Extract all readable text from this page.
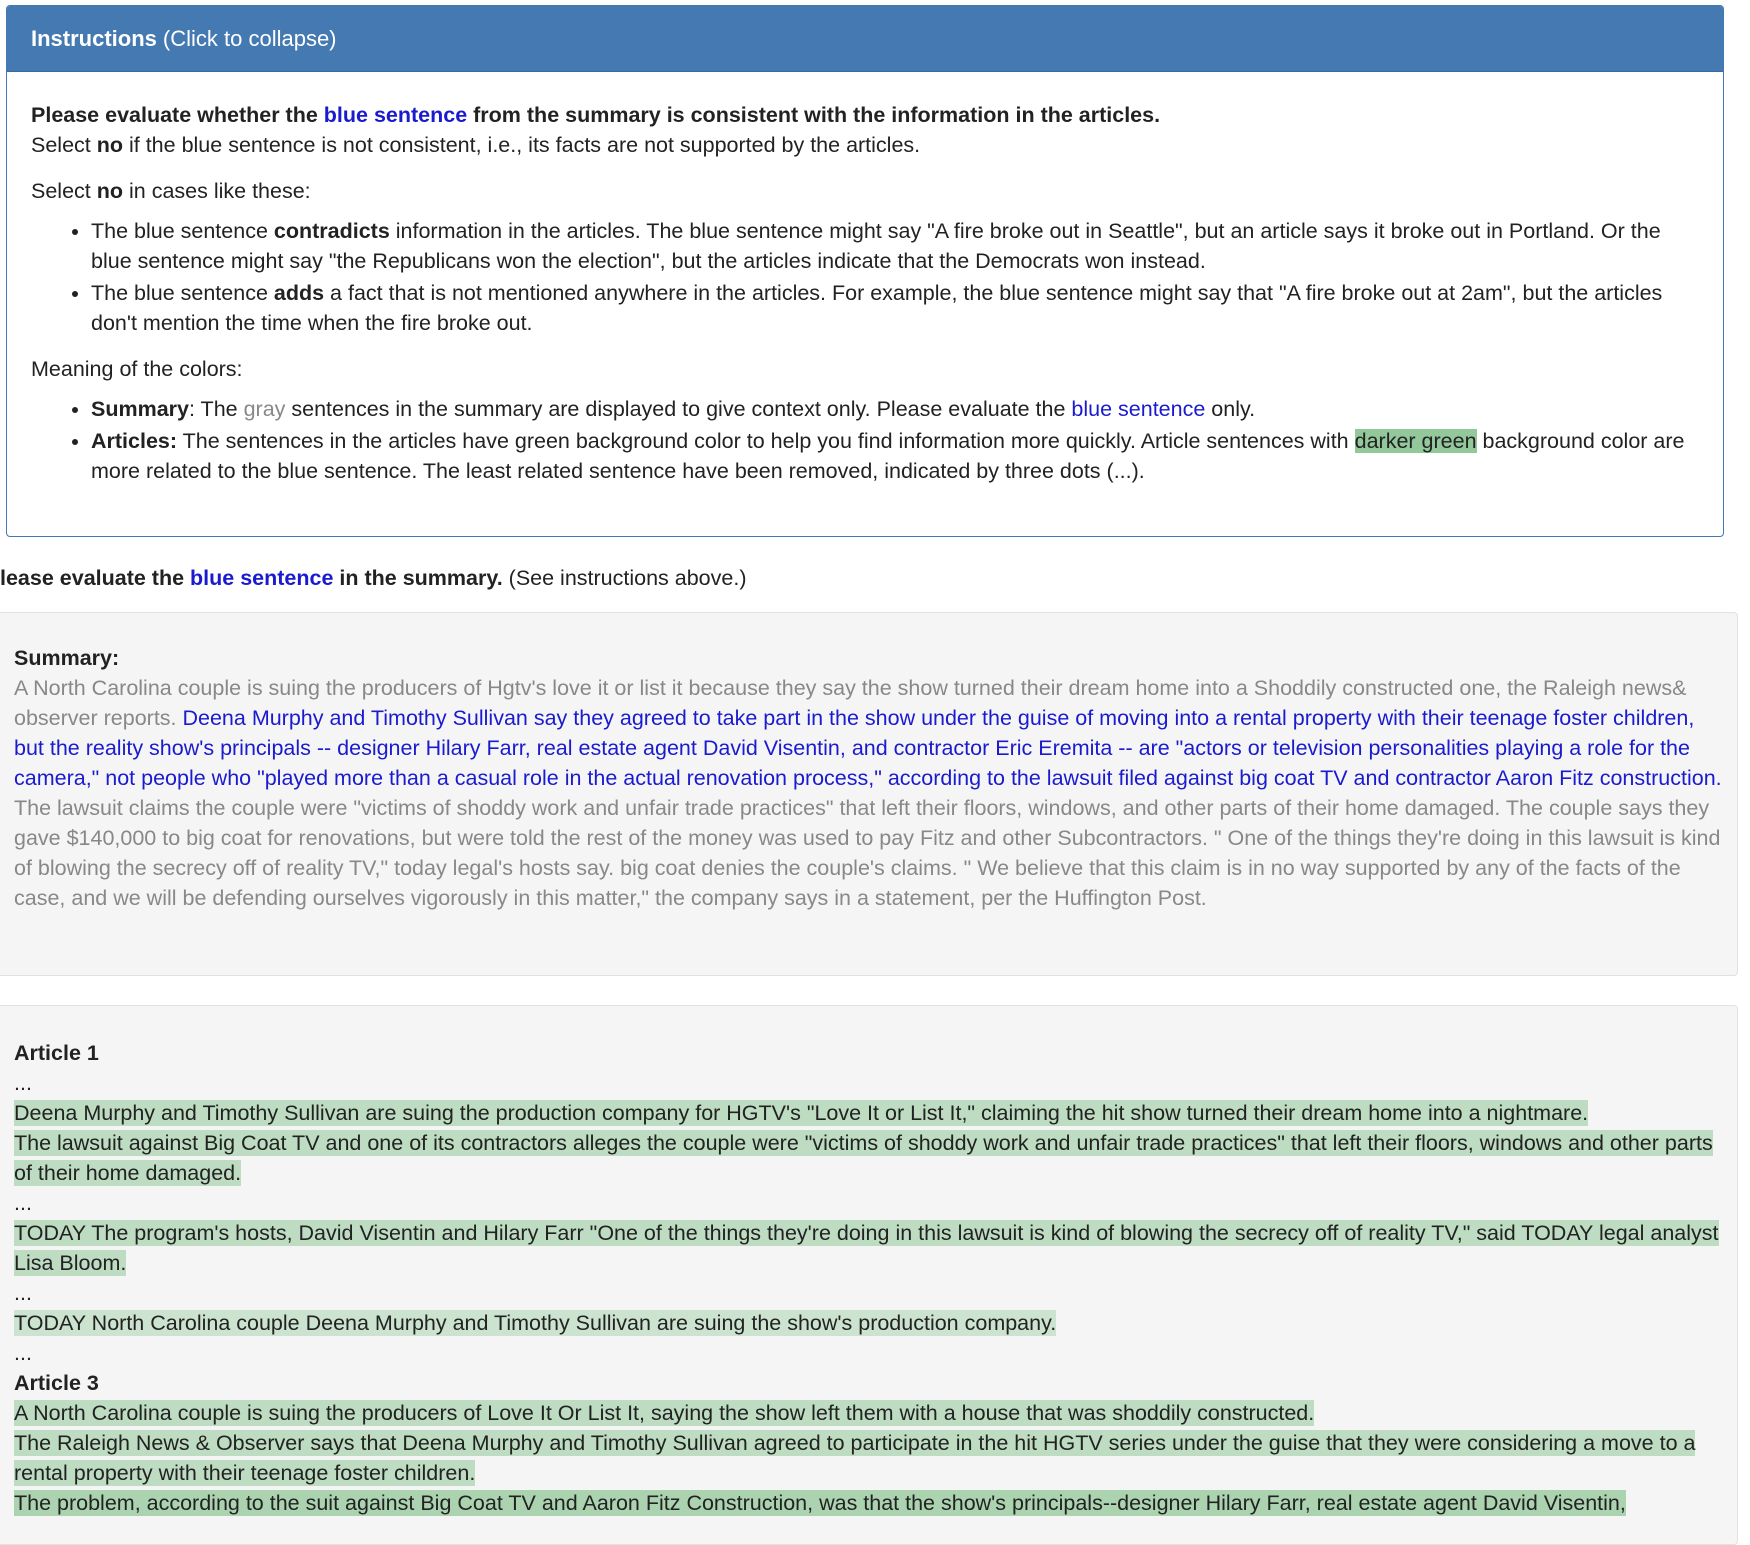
Instructions (Click to collapse)

Please evaluate whether the blue sentence from the summary is consistent with the information in the articles.

Select no if the blue sentence is not consistent, i.e., its facts are not supported by the articles.

Select no in cases like these:

• The blue sentence contradicts information in the articles. The blue sentence might say "A fire broke out in Seattle", but an article says it broke out in Portland. Or the blue sentence might say "the Republicans won the election", but the articles indicate that the Democrats won instead.
• The blue sentence adds a fact that is not mentioned anywhere in the articles. For example, the blue sentence might say that "A fire broke out at 2am", but the articles don't mention the time when the fire broke out.

Meaning of the colors:

• Summary: The gray sentences in the summary are displayed to give context only. Please evaluate the blue sentence only.
• Articles: The sentences in the articles have green background color to help you find information more quickly. Article sentences with darker green background color are more related to the blue sentence. The least related sentence have been removed, indicated by three dots (...).
lease evaluate the blue sentence in the summary. (See instructions above.)
Summary:
A North Carolina couple is suing the producers of Hgtv's love it or list it because they say the show turned their dream home into a Shoddily constructed one, the Raleigh news& observer reports. Deena Murphy and Timothy Sullivan say they agreed to take part in the show under the guise of moving into a rental property with their teenage foster children, but the reality show's principals -- designer Hilary Farr, real estate agent David Visentin, and contractor Eric Eremita -- are "actors or television personalities playing a role for the camera," not people who "played more than a casual role in the actual renovation process," according to the lawsuit filed against big coat TV and contractor Aaron Fitz construction. The lawsuit claims the couple were "victims of shoddy work and unfair trade practices" that left their floors, windows, and other parts of their home damaged. The couple says they gave $140,000 to big coat for renovations, but were told the rest of the money was used to pay Fitz and other Subcontractors. " One of the things they're doing in this lawsuit is kind of blowing the secrecy off of reality TV," today legal's hosts say. big coat denies the couple's claims. " We believe that this claim is in no way supported by any of the facts of the case, and we will be defending ourselves vigorously in this matter," the company says in a statement, per the Huffington Post.
Article 1
...
Deena Murphy and Timothy Sullivan are suing the production company for HGTV's "Love It or List It," claiming the hit show turned their dream home into a nightmare.
The lawsuit against Big Coat TV and one of its contractors alleges the couple were "victims of shoddy work and unfair trade practices" that left their floors, windows and other parts of their home damaged.
...
TODAY The program's hosts, David Visentin and Hilary Farr "One of the things they're doing in this lawsuit is kind of blowing the secrecy off of reality TV," said TODAY legal analyst Lisa Bloom.
...
TODAY North Carolina couple Deena Murphy and Timothy Sullivan are suing the show's production company.
...
Article 3
A North Carolina couple is suing the producers of Love It Or List It, saying the show left them with a house that was shoddily constructed.
The Raleigh News & Observer says that Deena Murphy and Timothy Sullivan agreed to participate in the hit HGTV series under the guise that they were considering a move to a rental property with their teenage foster children.
The problem, according to the suit against Big Coat TV and Aaron Fitz Construction, was that the show's principals--designer Hilary Farr, real estate agent David Visentin,
